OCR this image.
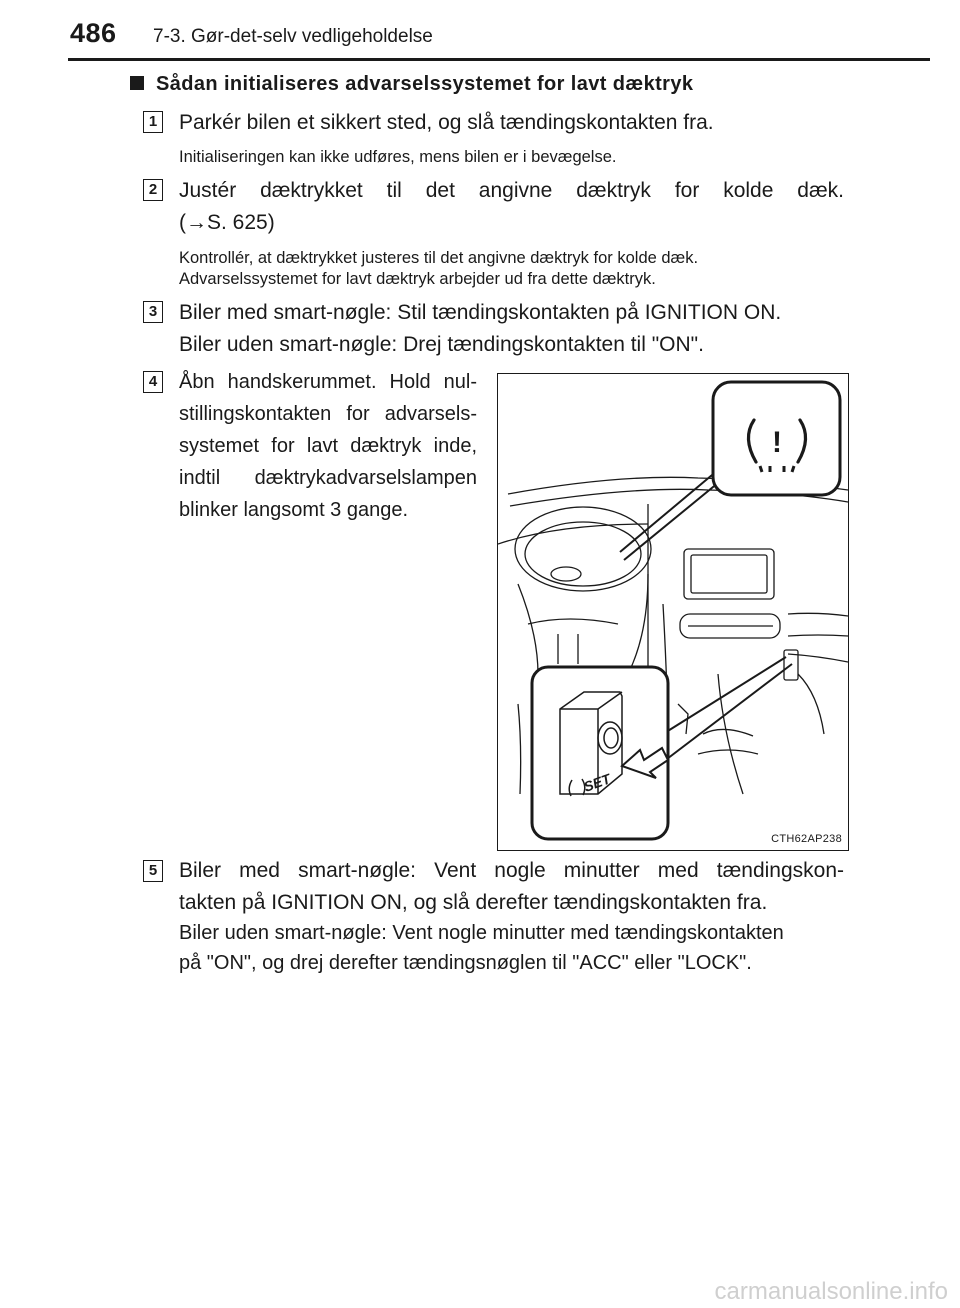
486 7-3. Gør-det-selv vedligeholdelse
Sådan initialiseres advarselssystemet for lavt dæktryk
1 Parkér bilen et sikkert sted, og slå tændingskontakten fra.
Initialiseringen kan ikke udføres, mens bilen er i bevægelse.
2 Justér dæktrykket til det angivne dæktryk for kolde dæk.
(→S. 625)
Kontrollér, at dæktrykket justeres til det angivne dæktryk for kolde dæk.
Advarselssystemet for lavt dæktryk arbejder ud fra dette dæktryk.
3 Biler med smart-nøgle: Stil tændingskontakten på IGNITION ON.
Biler uden smart-nøgle: Drej tændingskontakten til "ON".
4 Åbn handskerummet. Hold nul-
stillingskontakten for advarsels-
systemet for lavt dæktryk inde,
indtil dæktrykadvarselslampen
blinker langsomt 3 gange.
!
SET
CTH62AP238
5 Biler med smart-nøgle: Vent nogle minutter med tændingskon-
takten på IGNITION ON, og slå derefter tændingskontakten fra.
Biler uden smart-nøgle: Vent nogle minutter med tændingskontakten
på "ON", og drej derefter tændingsnøglen til "ACC" eller "LOCK".
carmanualsonline.info
